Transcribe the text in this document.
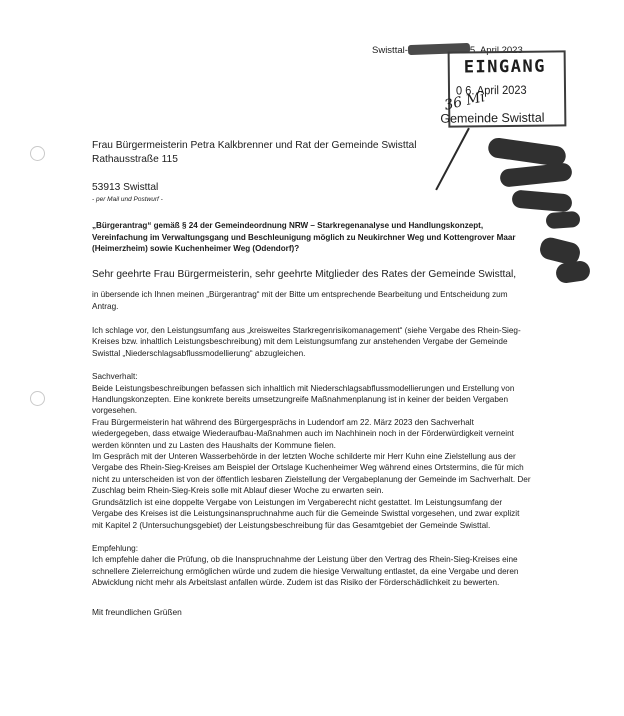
Swisttal-	5. April 2023
EINGANG
0 6. April 2023
36 Mi
Gemeinde Swisttal
Frau Bürgermeisterin Petra Kalkbrenner und Rat der Gemeinde Swisttal
Rathausstraße 115
53913 Swisttal
- per Mail und Postwurf -
„Bürgerantrag“ gemäß § 24 der Gemeindeordnung NRW – Starkregenanalyse und Handlungskonzept, Vereinfachung im Verwaltungsgang und Beschleunigung möglich zu Neukirchner Weg und Kottengrover Maar (Heimerzheim) sowie Kuchenheimer Weg (Odendorf)?
Sehr geehrte Frau Bürgermeisterin, sehr geehrte Mitglieder des Rates der Gemeinde Swisttal,
in übersende ich Ihnen meinen „Bürgerantrag“ mit der Bitte um entsprechende Bearbeitung und Entscheidung zum Antrag.
Ich schlage vor, den Leistungsumfang aus „kreisweites Starkregenrisikomanagement“ (siehe Vergabe des Rhein-Sieg-Kreises bzw. inhaltlich Leistungsbeschreibung) mit dem Leistungsumfang zur anstehenden Vergabe der Gemeinde Swisttal „Niederschlagsabflussmodellierung“ abzugleichen.
Sachverhalt:
Beide Leistungsbeschreibungen befassen sich inhaltlich mit Niederschlagsabflussmodellierungen und Erstellung von Handlungskonzepten. Eine konkrete bereits umsetzungreife Maßnahmenplanung ist in keiner der beiden Vergaben vorgesehen.
Frau Bürgermeisterin hat während des Bürgergesprächs in Ludendorf am 22. März 2023 den Sachverhalt wiedergegeben, dass etwaige Wiederaufbau-Maßnahmen auch im Nachhinein noch in der Förderwürdigkeit verneint werden könnten und zu Lasten des Haushalts der Kommune fielen.
Im Gespräch mit der Unteren Wasserbehörde in der letzten Woche schilderte mir Herr Kuhn eine Zielstellung aus der Vergabe des Rhein-Sieg-Kreises am Beispiel der Ortslage Kuchenheimer Weg während eines Ortstermins, die für mich nicht zu unterscheiden ist von der öffentlich lesbaren Zielstellung der Vergabeplanung der Gemeinde im Sachverhalt. Der Zuschlag beim Rhein-Sieg-Kreis solle mit Ablauf dieser Woche zu erwarten sein.
Grundsätzlich ist eine doppelte Vergabe von Leistungen im Vergaberecht nicht gestattet. Im Leistungsumfang der Vergabe des Kreises ist die Leistungsinanspruchnahme auch für die Gemeinde Swisttal vorgesehen, und zwar explizit mit Kapitel 2 (Untersuchungsgebiet) der Leistungsbeschreibung für das Gesamtgebiet der Gemeinde Swisttal.
Empfehlung:
Ich empfehle daher die Prüfung, ob die Inanspruchnahme der Leistung über den Vertrag des Rhein-Sieg-Kreises eine schnellere Zielerreichung ermöglichen würde und zudem die hiesige Verwaltung entlastet, da eine Vergabe und deren Abwicklung nicht mehr als Arbeitslast anfallen würde. Zudem ist das Risiko der Förderschädlichkeit zu bewerten.
Mit freundlichen Grüßen
